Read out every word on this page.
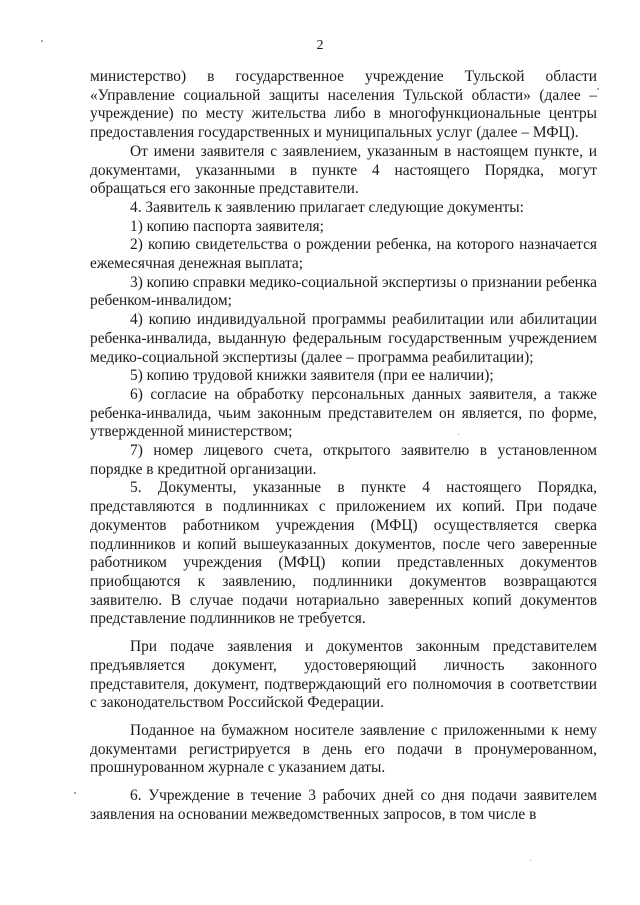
2

министерство) в государственное учреждение Тульской области «Управление социальной защиты населения Тульской области» (далее – учреждение) по месту жительства либо в многофункциональные центры предоставления государственных и муниципальных услуг (далее – МФЦ).

От имени заявителя с заявлением, указанным в настоящем пункте, и документами, указанными в пункте 4 настоящего Порядка, могут обращаться его законные представители.

4. Заявитель к заявлению прилагает следующие документы:

1) копию паспорта заявителя;

2) копию свидетельства о рождении ребенка, на которого назначается ежемесячная денежная выплата;

3) копию справки медико-социальной экспертизы о признании ребенка ребенком-инвалидом;

4) копию индивидуальной программы реабилитации или абилитации ребенка-инвалида, выданную федеральным государственным учреждением медико-социальной экспертизы (далее – программа реабилитации);

5) копию трудовой книжки заявителя (при ее наличии);

6) согласие на обработку персональных данных заявителя, а также ребенка-инвалида, чьим законным представителем он является, по форме, утвержденной министерством;

7) номер лицевого счета, открытого заявителю в установленном порядке в кредитной организации.

5. Документы, указанные в пункте 4 настоящего Порядка, представляются в подлинниках с приложением их копий. При подаче документов работником учреждения (МФЦ) осуществляется сверка подлинников и копий вышеуказанных документов, после чего заверенные работником учреждения (МФЦ) копии представленных документов приобщаются к заявлению, подлинники документов возвращаются заявителю. В случае подачи нотариально заверенных копий документов представление подлинников не требуется.

При подаче заявления и документов законным представителем предъявляется документ, удостоверяющий личность законного представителя, документ, подтверждающий его полномочия в соответствии с законодательством Российской Федерации.

Поданное на бумажном носителе заявление с приложенными к нему документами регистрируется в день его подачи в пронумерованном, прошнурованном журнале с указанием даты.

6. Учреждение в течение 3 рабочих дней со дня подачи заявителем заявления на основании межведомственных запросов, в том числе в
